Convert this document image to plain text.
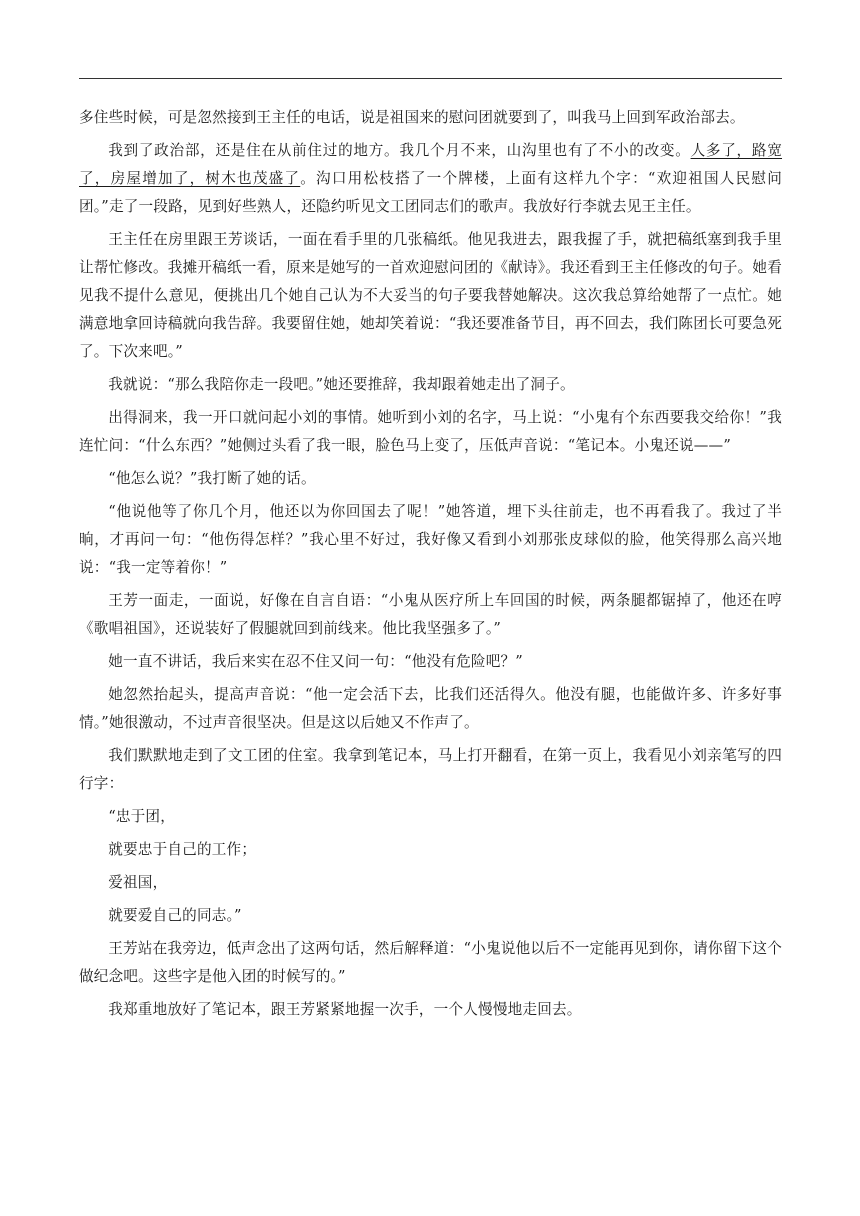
多住些时候，可是忽然接到王主任的电话，说是祖国来的慰问团就要到了，叫我马上回到军政治部去。

我到了政治部，还是住在从前住过的地方。我几个月不来，山沟里也有了不小的改变。人多了，路宽了，房屋增加了，树木也茂盛了。沟口用松枝搭了一个牌楼，上面有这样九个字：“欢迎祖国人民慰问团。”走了一段路，见到好些熟人，还隐约听见文工团同志们的歌声。我放好行李就去见王主任。

王主任在房里跟王芳谈话，一面在看手里的几张稿纸。他见我进去，跟我握了手，就把稿纸塞到我手里让帮忙修改。我摊开稿纸一看，原来是她写的一首欢迎慰问团的《献诗》。我还看到王主任修改的句子。她看见我不提什么意见，便挑出几个她自己认为不大妥当的句子要我替她解决。这次我总算给她帮了一点忙。她满意地拿回诗稿就向我告辞。我要留住她，她却笑着说：“我还要准备节目，再不回去，我们陈团长可要急死了。下次来吧。”

我就说：“那么我陪你走一段吧。”她还要推辞，我却跟着她走出了洞子。

出得洞来，我一开口就问起小刘的事情。她听到小刘的名字，马上说：“小鬼有个东西要我交给你！”我连忙问：“什么东西？”她侧过头看了我一眼，脸色马上变了，压低声音说：“笔记本。小鬼还说——”

“他怎么说？”我打断了她的话。

“他说他等了你几个月，他还以为你回国去了呢！”她答道，埋下头往前走，也不再看我了。我过了半晌，才再问一句：“他伤得怎样？”我心里不好过，我好像又看到小刘那张皮球似的脸，他笑得那么高兴地说：“我一定等着你！”

王芳一面走，一面说，好像在自言自语：“小鬼从医疗所上车回国的时候，两条腿都锯掉了，他还在哼《歌唱祖国》，还说装好了假腿就回到前线来。他比我坚强多了。”

她一直不讲话，我后来实在忍不住又问一句：“他没有危险吧？”

她忽然抬起头，提高声音说：“他一定会活下去，比我们还活得久。他没有腿，也能做许多、许多好事情。”她很激动，不过声音很坚决。但是这以后她又不作声了。

我们默默地走到了文工团的住室。我拿到笔记本，马上打开翻看，在第一页上，我看见小刘亲笔写的四行字：

“忠于团，

就要忠于自己的工作；

爱祖国，

就要爱自己的同志。”

王芳站在我旁边，低声念出了这两句话，然后解释道：“小鬼说他以后不一定能再见到你，请你留下这个做纪念吧。这些字是他入团的时候写的。”

我郑重地放好了笔记本，跟王芳紧紧地握一次手，一个人慢慢地走回去。
